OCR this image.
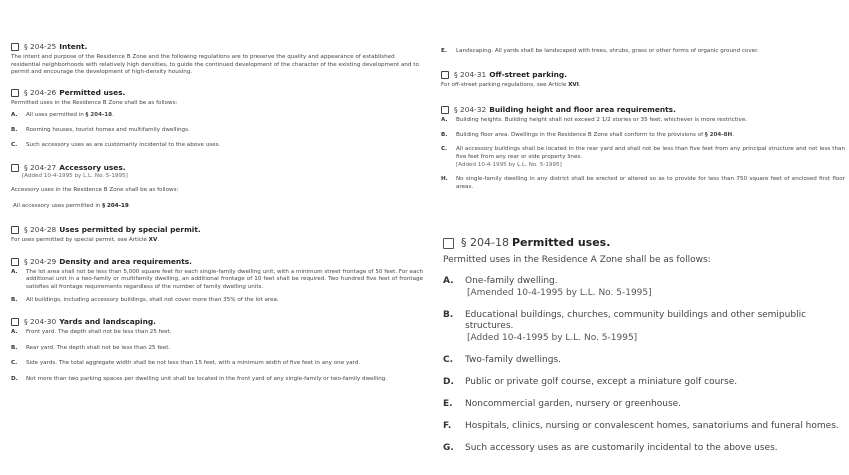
§ 204-25 Intent.
The intent and purpose of the Residence B Zone and the following regulations are to preserve the quality and appearance of established residential neighborhoods with relatively high densities, to guide the continued development of the character of the existing development and to permit and encourage the development of high-density housing.
§ 204-26 Permitted uses.
Permitted uses in the Residence B Zone shall be as follows:
A.	All uses permitted in § 204-18.
B.	Rooming houses, tourist homes and multifamily dwellings.
C.	Such accessory uses as are customarily incidental to the above uses.
§ 204-27 Accessory uses.
[Added 10-4-1995 by L.L. No. 5-1995]
Accessory uses in the Residence B Zone shall be as follows:
All accessory uses permitted in § 204-19.
§ 204-28 Uses permitted by special permit.
For uses permitted by special permit, see Article XV.
§ 204-29 Density and area requirements.
A.	The lot area shall not be less than 5,000 square feet for each single-family dwelling unit, with a minimum street frontage of 50 feet. For each additional unit in a two-family or multifamily dwelling, an additional frontage of 10 feet shall be required. Two hundred five feet of frontage satisfies all frontage requirements regardless of the number of family dwelling units.
B.	All buildings, including accessory buildings, shall not cover more than 35% of the lot area.
§ 204-30 Yards and landscaping.
A.	Front yard. The depth shall not be less than 25 feet.
B.	Rear yard. The depth shall not be less than 25 feet.
C.	Side yards. The total aggregate width shall be not less than 15 feet, with a minimum width of five feet in any one yard.
D.	Not more than two parking spaces per dwelling unit shall be located in the front yard of any single-family or two-family dwelling.
E.	Landscaping. All yards shall be landscaped with trees, shrubs, grass or other forms of organic ground cover.
§ 204-31 Off-street parking.
For off-street parking regulations, see Article XVI.
§ 204-32 Building height and floor area requirements.
A.	Building heights. Building height shall not exceed 2 1/2 stories or 35 feet, whichever is more restrictive.
B.	Building floor area. Dwellings in the Residence B Zone shall conform to the provisions of § 204-8H.
C.	All accessory buildings shall be located in the rear yard and shall not be less than five feet from any principal structure and not less than five feet from any rear or side property lines.
[Added 10-4-1995 by L.L. No. 5-1995]
H.	No single-family dwelling in any district shall be erected or altered so as to provide for less than 750 square feet of enclosed first floor areas.
§ 204-18 Permitted uses.
Permitted uses in the Residence A Zone shall be as follows:
A.	One-family dwelling.
[Amended 10-4-1995 by L.L. No. 5-1995]
B.	Educational buildings, churches, community buildings and other semipublic structures.
[Added 10-4-1995 by L.L. No. 5-1995]
C.	Two-family dwellings.
D.	Public or private golf course, except a miniature golf course.
E.	Noncommercial garden, nursery or greenhouse.
F.	Hospitals, clinics, nursing or convalescent homes, sanatoriums and funeral homes.
G.	Such accessory uses as are customarily incidental to the above uses.
